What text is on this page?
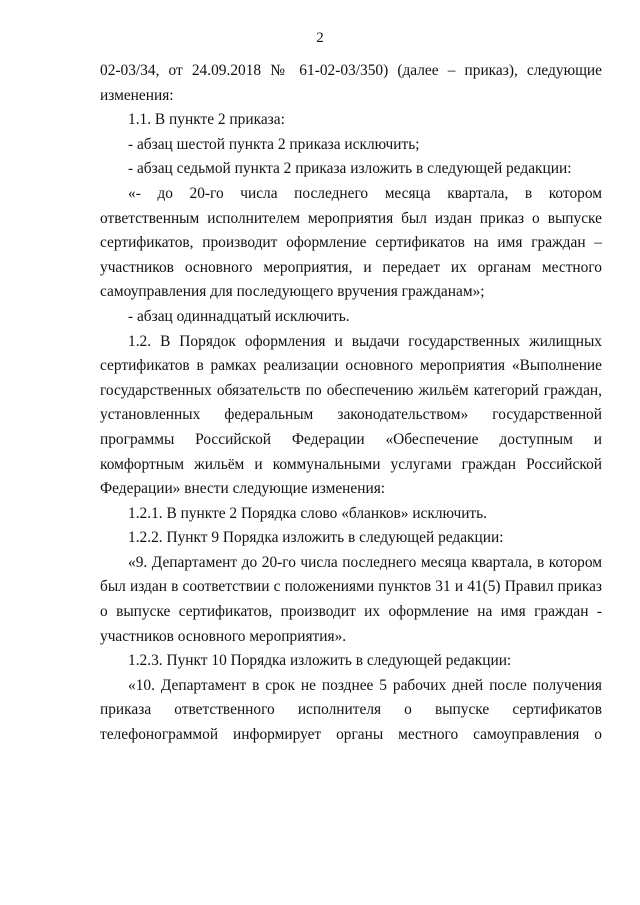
2

02-03/34, от 24.09.2018 № 61-02-03/350) (далее – приказ), следующие изменения:

1.1. В пункте 2 приказа:

- абзац шестой пункта 2 приказа исключить;

- абзац седьмой пункта 2 приказа изложить в следующей редакции:

«- до 20-го числа последнего месяца квартала, в котором ответственным исполнителем мероприятия был издан приказ о выпуске сертификатов, производит оформление сертификатов на имя граждан – участников основного мероприятия, и передает их органам местного самоуправления для последующего вручения гражданам»;

- абзац одиннадцатый исключить.

1.2. В Порядок оформления и выдачи государственных жилищных сертификатов в рамках реализации основного мероприятия «Выполнение государственных обязательств по обеспечению жильём категорий граждан, установленных федеральным законодательством» государственной программы Российской Федерации «Обеспечение доступным и комфортным жильём и коммунальными услугами граждан Российской Федерации» внести следующие изменения:

1.2.1. В пункте 2 Порядка слово «бланков» исключить.

1.2.2. Пункт 9 Порядка изложить в следующей редакции:

«9. Департамент до 20-го числа последнего месяца квартала, в котором был издан в соответствии с положениями пунктов 31 и 41(5) Правил приказ о выпуске сертификатов, производит их оформление на имя граждан - участников основного мероприятия».

1.2.3. Пункт 10 Порядка изложить в следующей редакции:

«10. Департамент в срок не позднее 5 рабочих дней после получения приказа ответственного исполнителя о выпуске сертификатов телефонограммой информирует органы местного самоуправления о
